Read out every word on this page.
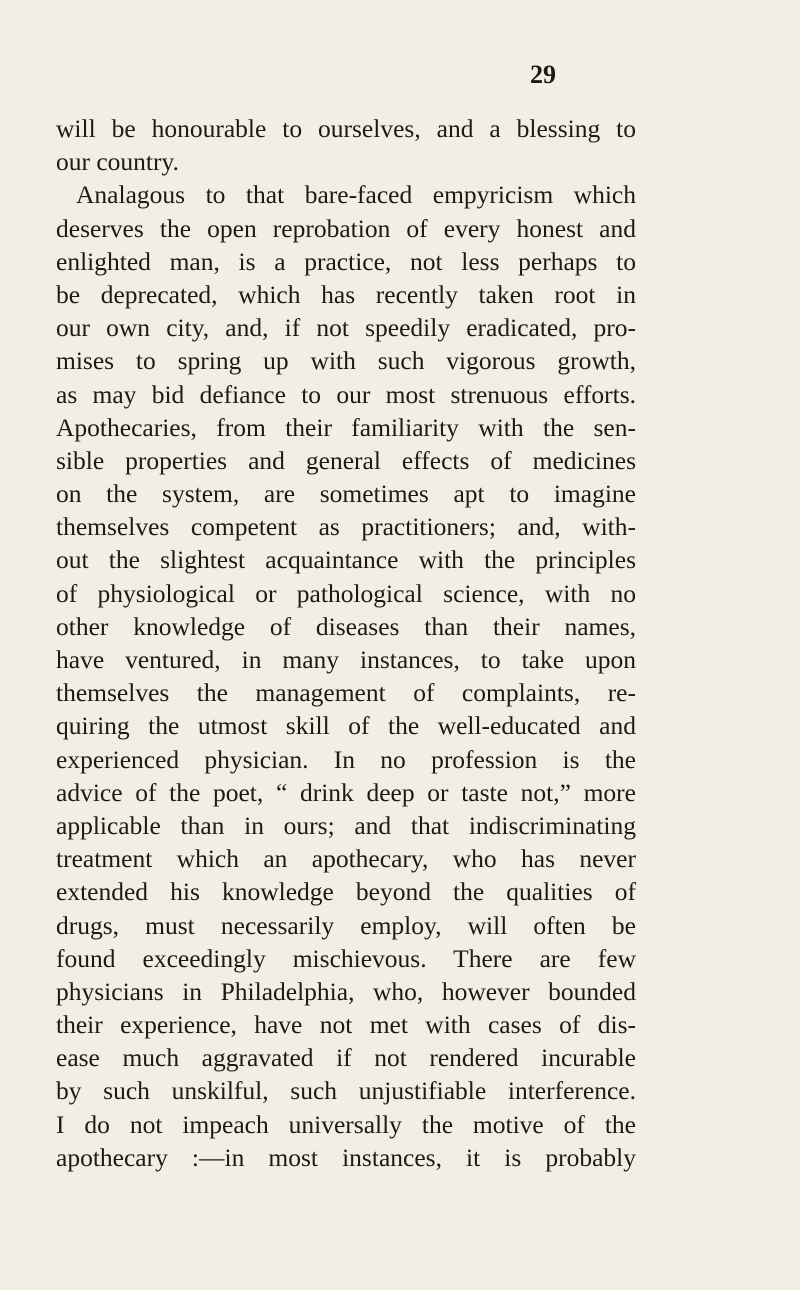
29
will be honourable to ourselves, and a blessing to
our country.
Analagous to that bare-faced empyricism which
deserves the open reprobation of every honest and
enlighted man, is a practice, not less perhaps to
be deprecated, which has recently taken root in
our own city, and, if not speedily eradicated, pro-
mises to spring up with such vigorous growth,
as may bid defiance to our most strenuous efforts.
Apothecaries, from their familiarity with the sen-
sible properties and general effects of medicines
on the system, are sometimes apt to imagine
themselves competent as practitioners; and, with-
out the slightest acquaintance with the principles
of physiological or pathological science, with no
other knowledge of diseases than their names,
have ventured, in many instances, to take upon
themselves the management of complaints, re-
quiring the utmost skill of the well-educated and
experienced physician. In no profession is the
advice of the poet, “ drink deep or taste not,” more
applicable than in ours; and that indiscriminating
treatment which an apothecary, who has never
extended his knowledge beyond the qualities of
drugs, must necessarily employ, will often be
found exceedingly mischievous. There are few
physicians in Philadelphia, who, however bounded
their experience, have not met with cases of dis-
ease much aggravated if not rendered incurable
by such unskilful, such unjustifiable interference.
I do not impeach universally the motive of the
apothecary :—in most instances, it is probably
